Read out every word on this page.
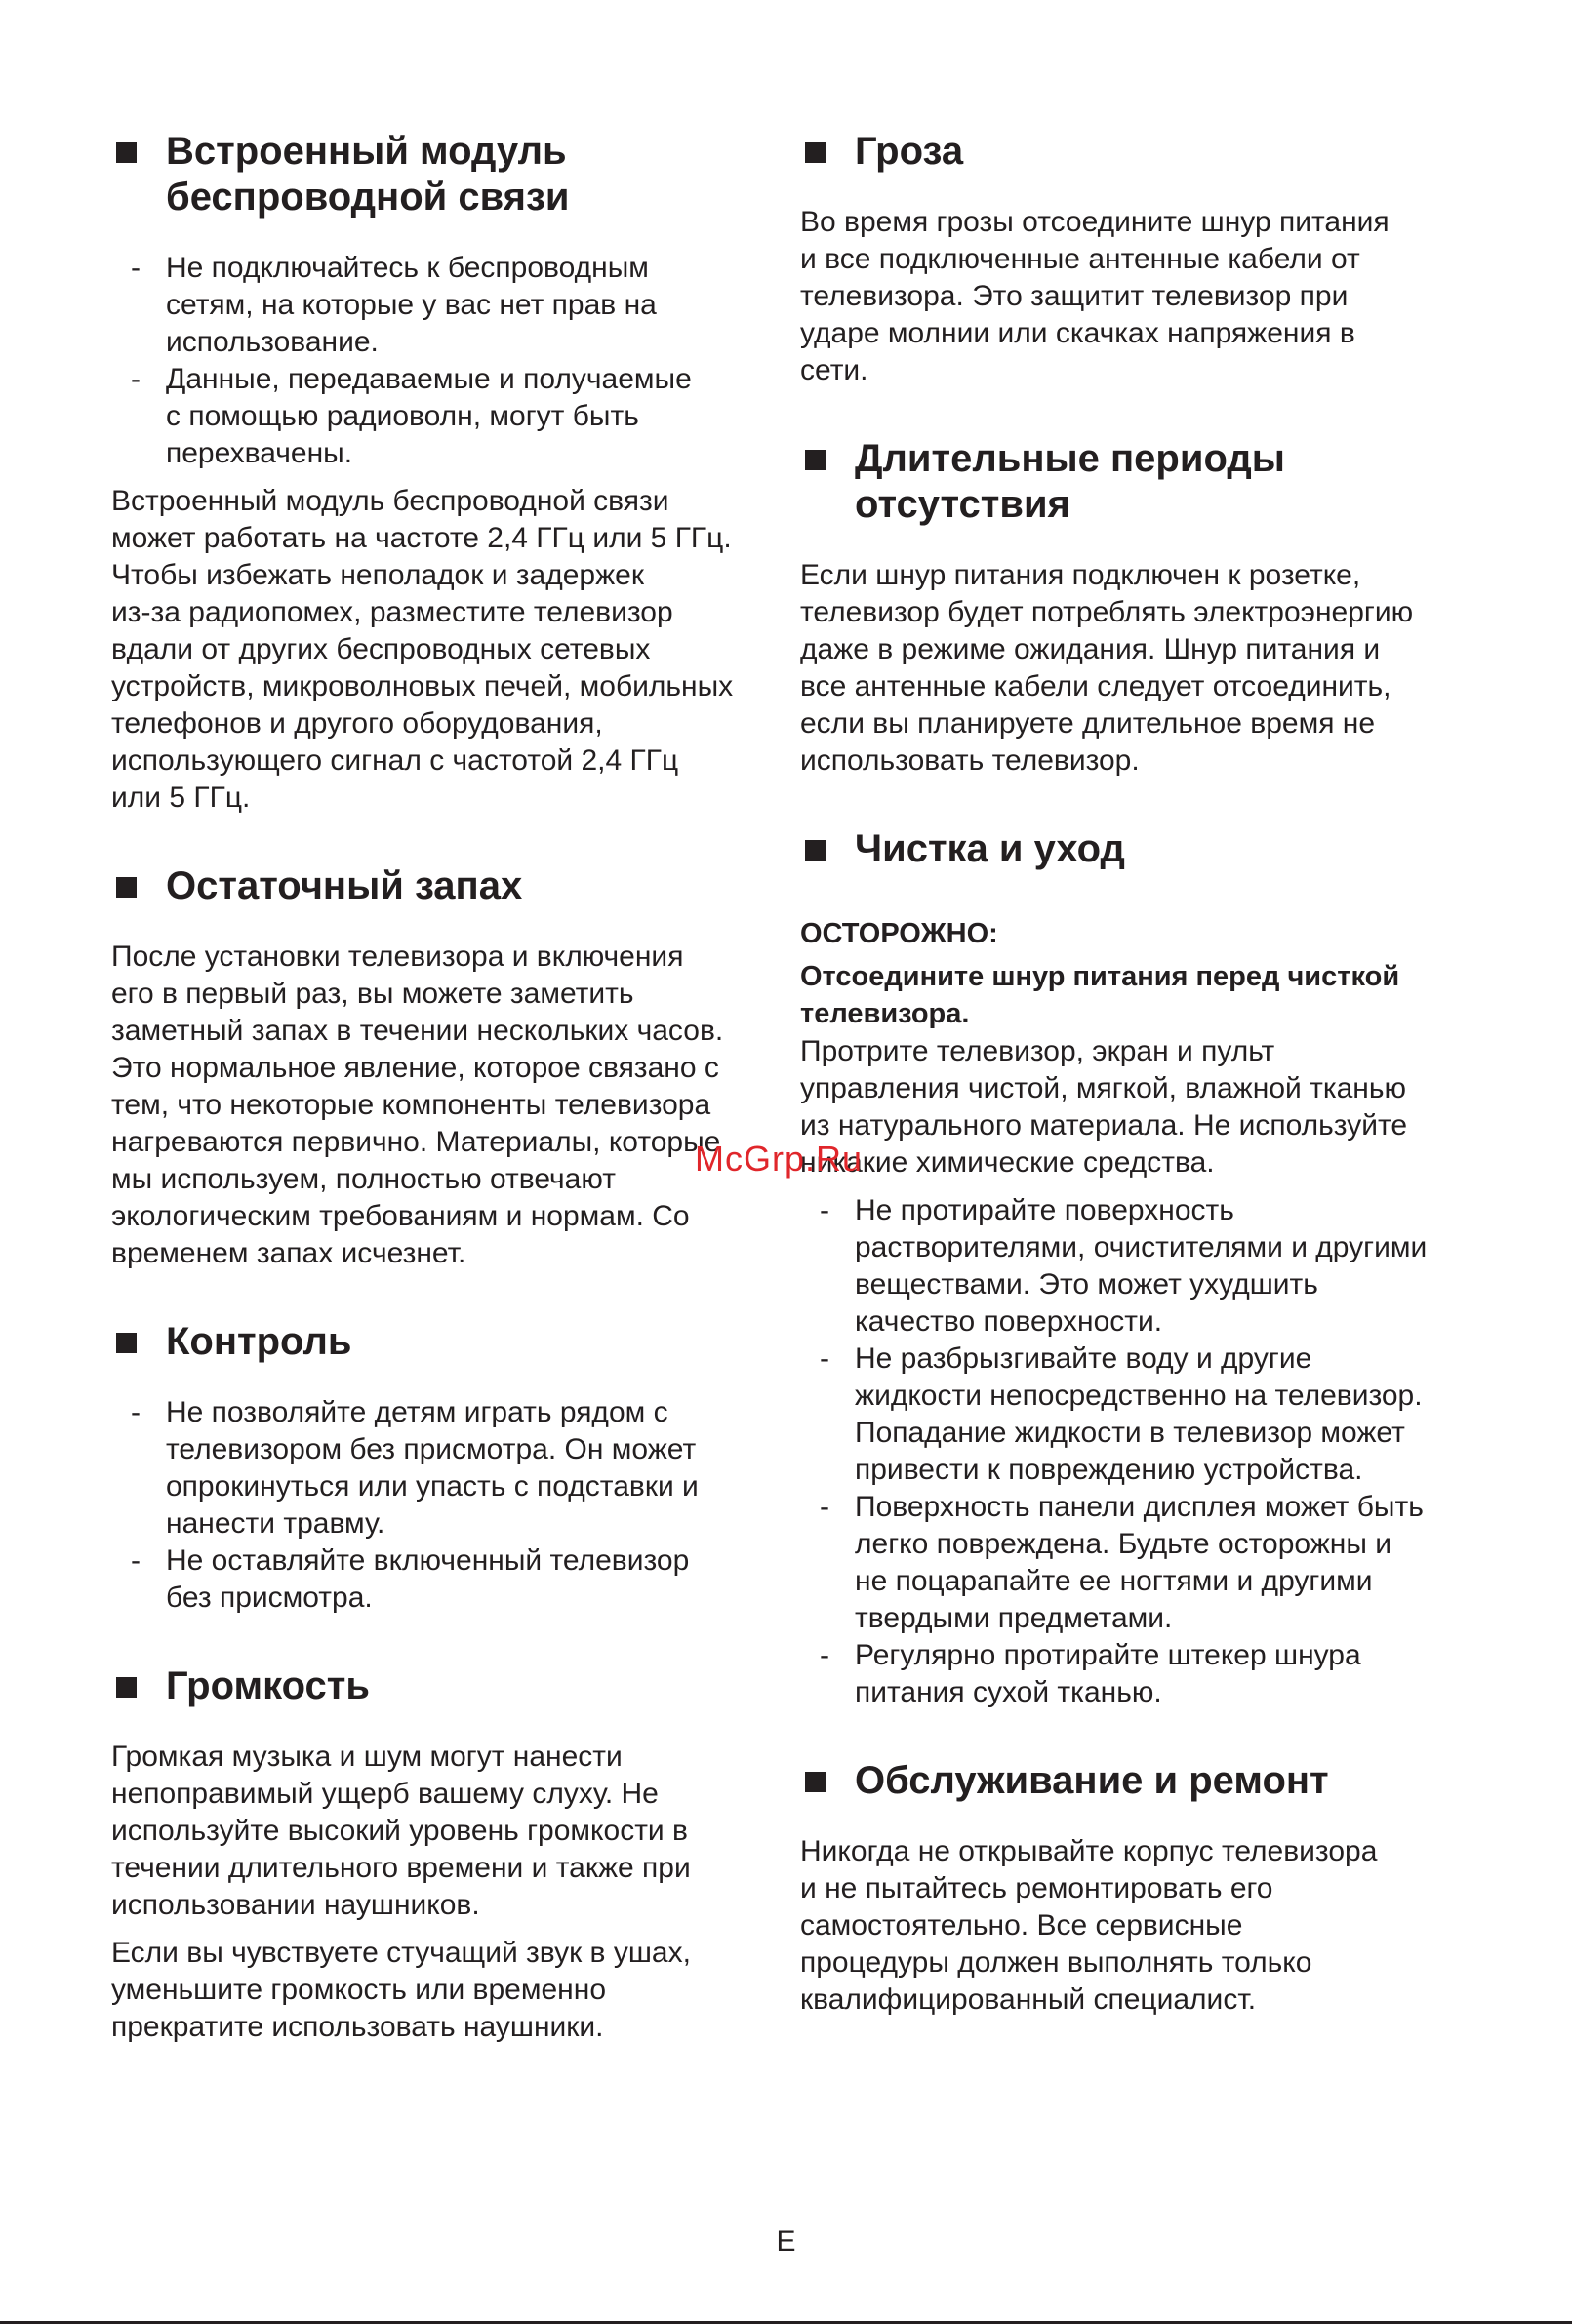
Встроенный модуль
беспроводной связи
- Не подключайтесь к беспроводным
сетям, на которые у вас нет прав на
использование.
- Данные, передаваемые и получаемые
с помощью радиоволн, могут быть
перехвачены.

Встроенный модуль беспроводной связи
может работать на частоте 2,4 ГГц или 5 ГГц.
Чтобы избежать неполадок и задержек
из-за радиопомех, разместите телевизор
вдали от других беспроводных сетевых
устройств, микроволновых печей, мобильных
телефонов и другого оборудования,
использующего сигнал с частотой 2,4 ГГц
или 5 ГГц.

Остаточный запах

После установки телевизора и включения
его в первый раз, вы можете заметить
заметный запах в течении нескольких часов.
Это нормальное явление, которое связано с
тем, что некоторые компоненты телевизора
нагреваются первично. Материалы, которые
мы используем, полностью отвечают
экологическим требованиям и нормам. Со
временем запах исчезнет.

Контроль
- Не позволяйте детям играть рядом с
телевизором без присмотра. Он может
опрокинуться или упасть с подставки и
нанести травму.
- Не оставляйте включенный телевизор
без присмотра.
Громкость

Громкая музыка и шум могут нанести
непоправимый ущерб вашему слуху. Не
используйте высокий уровень громкости в
течении длительного времени и также при
использовании наушников.

Если вы чувствуете стучащий звук в ушах,
уменьшите громкость или временно
прекратите использовать наушники.

Гроза

Во время грозы отсоедините шнур питания
и все подключенные антенные кабели от
телевизора. Это защитит телевизор при
ударе молнии или скачках напряжения в
сети.

Длительные периоды
отсутствия

Если шнур питания подключен к розетке,
телевизор будет потреблять электроэнергию
даже в режиме ожидания. Шнур питания и
все антенные кабели следует отсоединить,
если вы планируете длительное время не
использовать телевизор.

Чистка и уход

ОСТОРОЖНО:

Отсоедините шнур питания перед чисткой
телевизора.

Протрите телевизор, экран и пульт
управления чистой, мягкой, влажной тканью
из натурального материала. Не используйте
никакие химические средства.

- Не протирайте поверхность
растворителями, очистителями и другими
веществами. Это может ухудшить
качество поверхности.
- Не разбрызгивайте воду и другие
жидкости непосредственно на телевизор.
Попадание жидкости в телевизор может
привести к повреждению устройства.
- Поверхность панели дисплея может быть
легко повреждена. Будьте осторожны и
не поцарапайте ее ногтями и другими
твердыми предметами.
- Регулярно протирайте штекер шнура
питания сухой тканью.
Обслуживание и ремонт

Никогда не открывайте корпус телевизора
и не пытайтесь ремонтировать его
самостоятельно. Все сервисные
процедуры должен выполнять только
квалифицированный специалист.

McGrp.Ru
E
